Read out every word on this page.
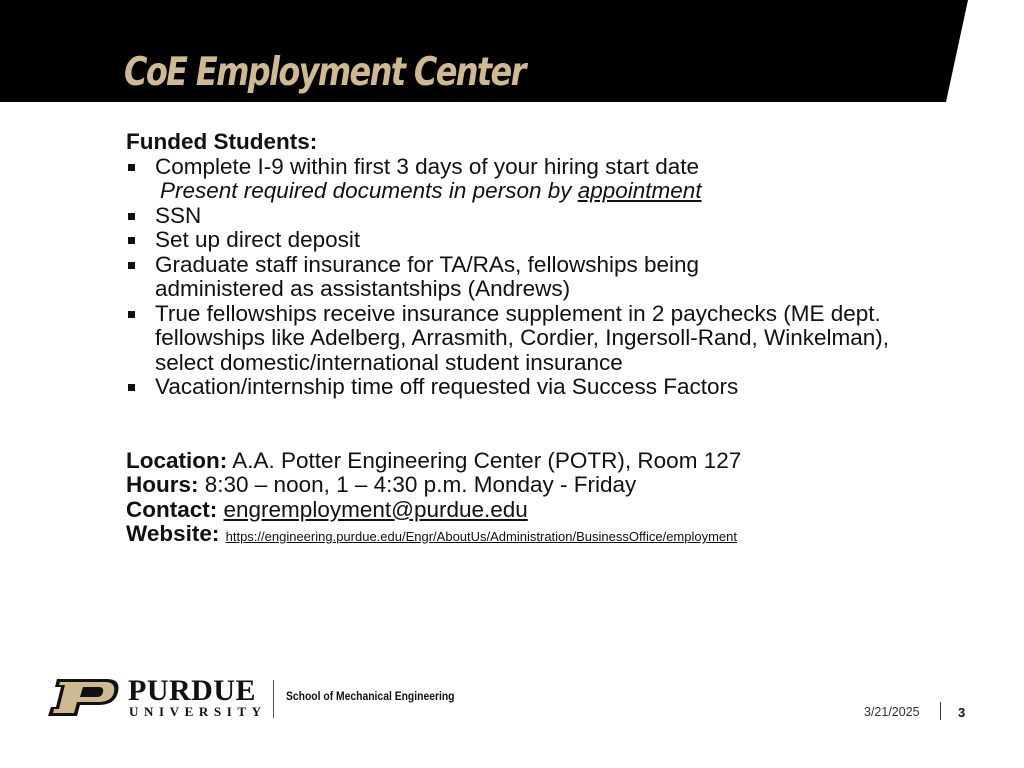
CoE Employment Center

Funded Students:

Complete I-9 within first 3 days of your hiring start date
Present required documents in person by appointment
SSN
Set up direct deposit
Graduate staff insurance for TA/RAs, fellowships being administered as assistantships (Andrews)
True fellowships receive insurance supplement in 2 paychecks (ME dept. fellowships like Adelberg, Arrasmith, Cordier, Ingersoll-Rand, Winkelman), select domestic/international student insurance
Vacation/internship time off requested via Success Factors
Location: A.A. Potter Engineering Center (POTR), Room 127
Hours: 8:30 – noon, 1 – 4:30 p.m. Monday - Friday
Contact: engremployment@purdue.edu
Website: https://engineering.purdue.edu/Engr/AboutUs/Administration/BusinessOffice/employment
PURDUE
UNIVERSITY
School of Mechanical Engineering
3/21/2025	3
